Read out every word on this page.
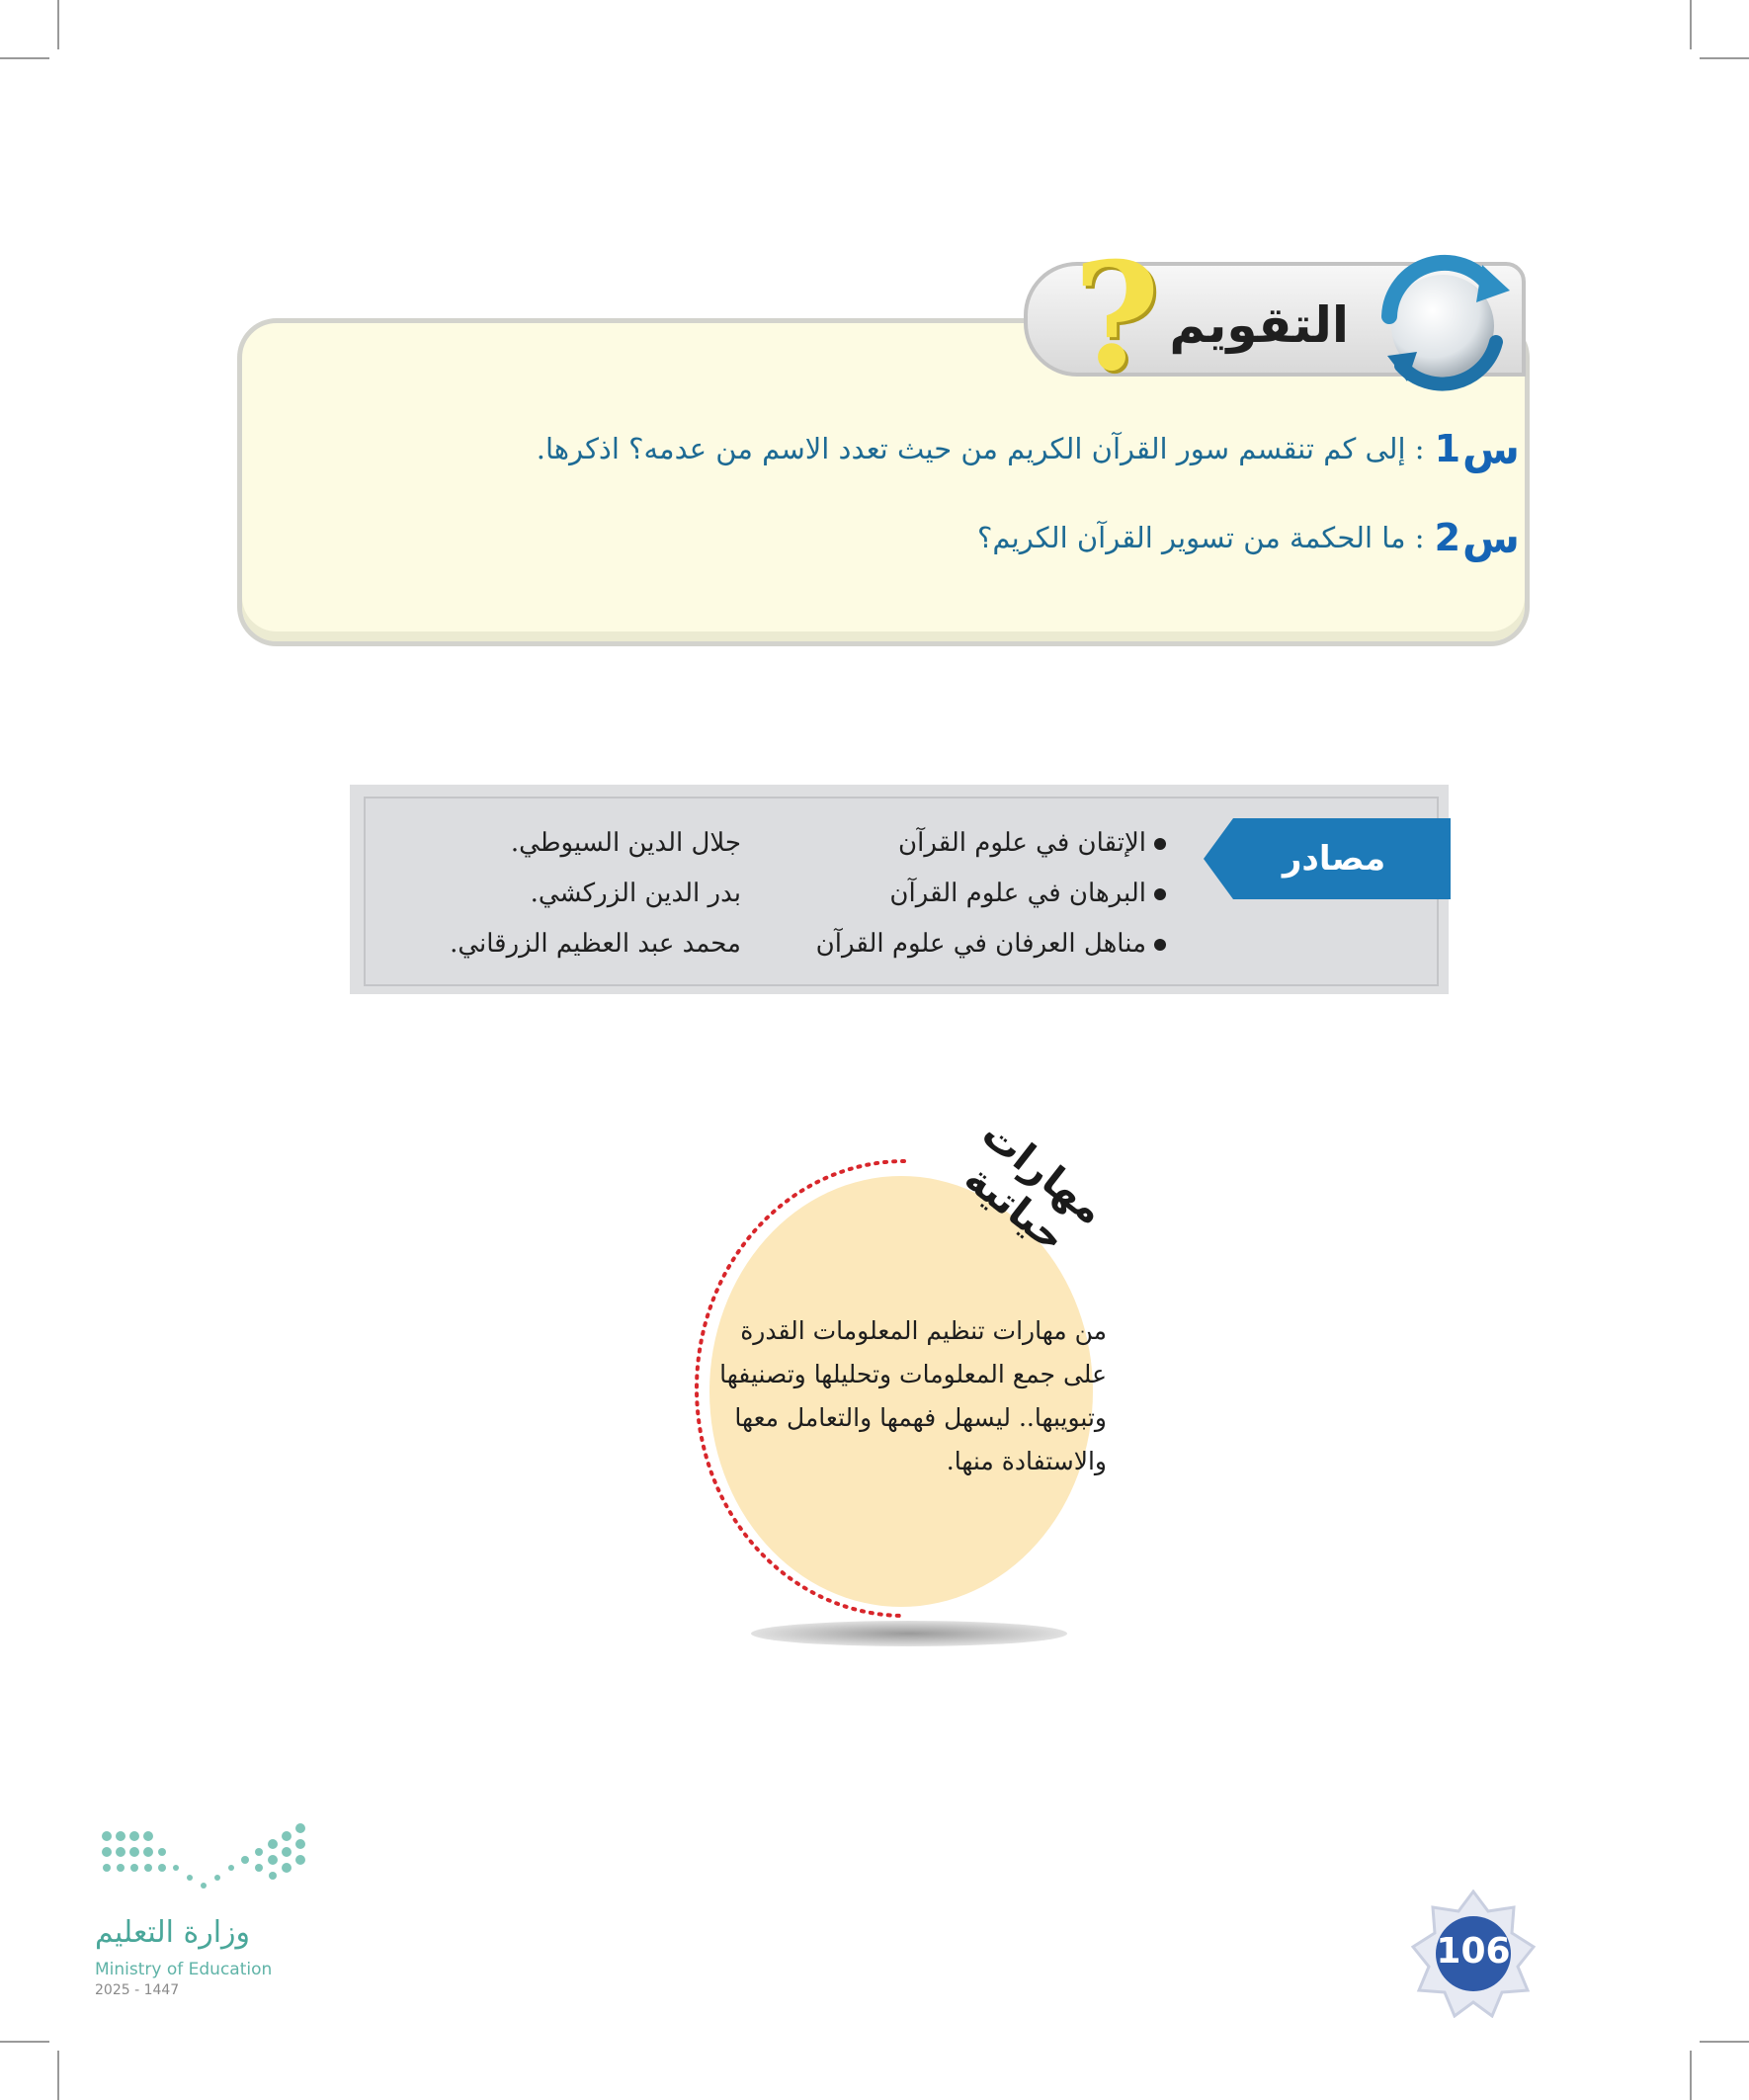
? التقويم
س
1
: إلى كم تنقسم سور القرآن الكريم من حيث تعدد الاسم من عدمه؟ اذكرها.
س
2
: ما الحكمة من تسوير القرآن الكريم؟
مصادر
الإتقان في علوم القرآن
جلال الدين السيوطي.
البرهان في علوم القرآن
بدر الدين الزركشي.
مناهل العرفان في علوم القرآن
محمد عبد العظيم الزرقاني.
مهارات حياتية
من مهارات تنظيم المعلومات القدرة
على جمع المعلومات وتحليلها وتصنيفها
وتبويبها.. ليسهل فهمها والتعامل معها
والاستفادة منها.
وزارة التعليم
Ministry of Education
2025 - 1447
106
